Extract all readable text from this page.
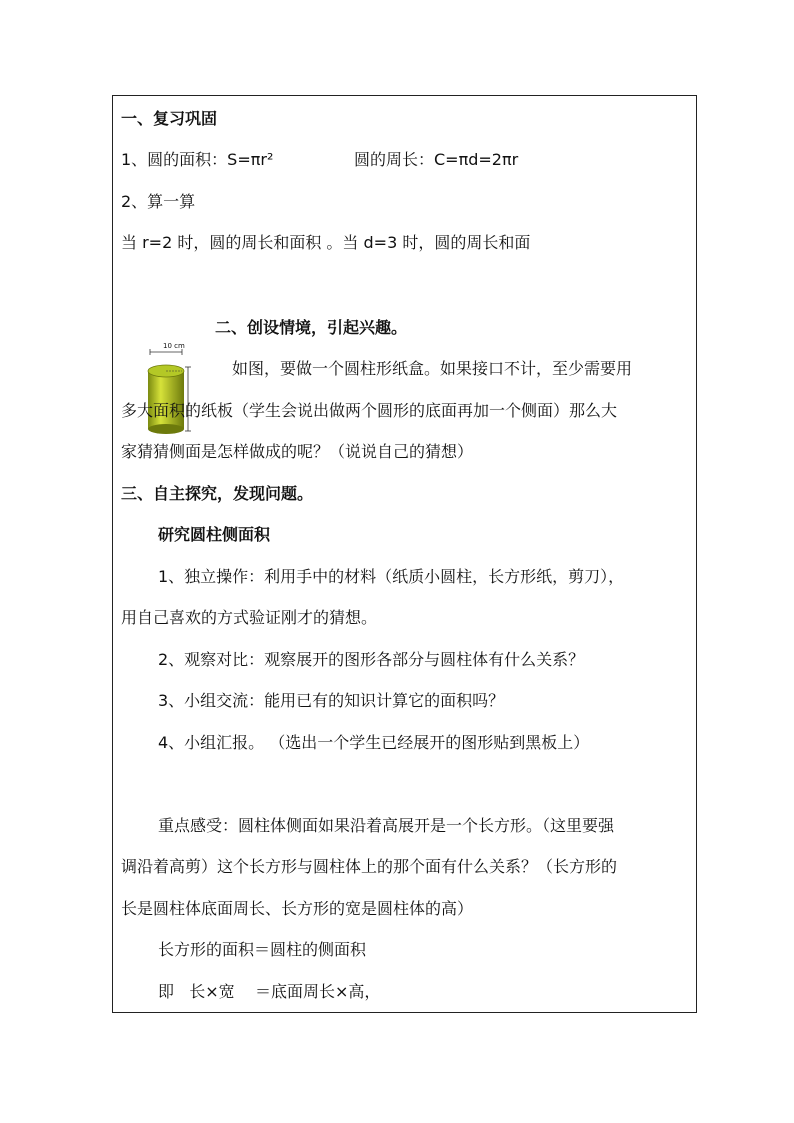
一、复习巩固
1、圆的面积：S=πr²	圆的周长：C=πd=2πr
2、算一算
当 r=2 时，圆的周长和面积 。当 d=3 时，圆的周长和面
二、创设情境，引起兴趣。
10 cm
如图，要做一个圆柱形纸盒。如果接口不计，至少需要用
多大面积的纸板（学生会说出做两个圆形的底面再加一个侧面）那么大
家猜猜侧面是怎样做成的呢？（说说自己的猜想）
三、自主探究，发现问题。
研究圆柱侧面积
1、独立操作：利用手中的材料（纸质小圆柱，长方形纸，剪刀），
用自己喜欢的方式验证刚才的猜想。
2、观察对比：观察展开的图形各部分与圆柱体有什么关系？
3、小组交流：能用已有的知识计算它的面积吗？
4、小组汇报。 （选出一个学生已经展开的图形贴到黑板上）
重点感受：圆柱体侧面如果沿着高展开是一个长方形。（这里要强
调沿着高剪）这个长方形与圆柱体上的那个面有什么关系？（长方形的
长是圆柱体底面周长、长方形的宽是圆柱体的高）
长方形的面积＝圆柱的侧面积
即   长×宽    ＝底面周长×高，
